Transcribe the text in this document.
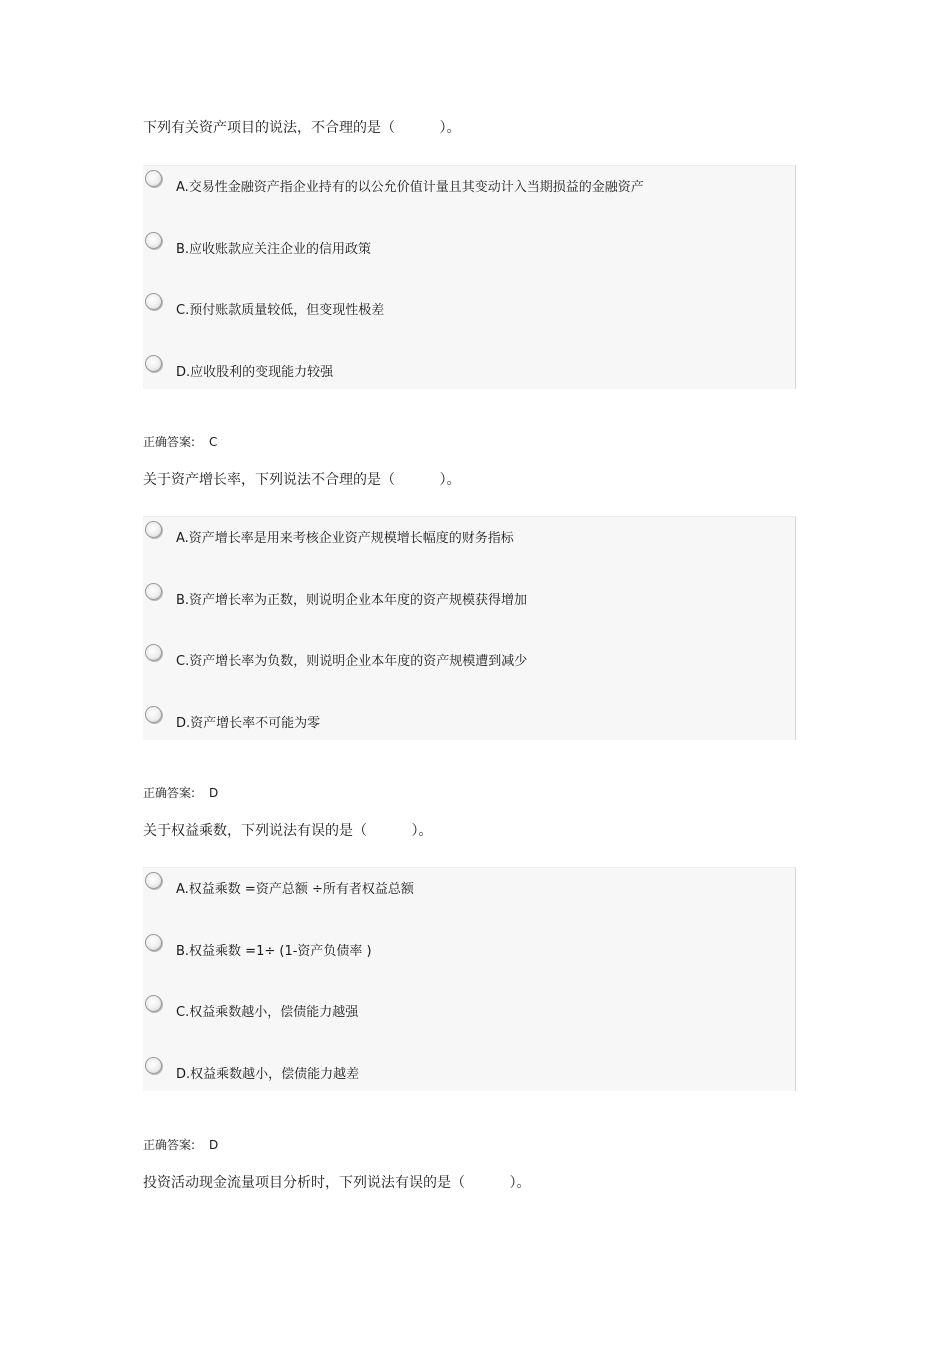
下列有关资产项目的说法，不合理的是（          ）。
A.交易性金融资产指企业持有的以公允价值计量且其变动计入当期损益的金融资产
B.应收账款应关注企业的信用政策
C.预付账款质量较低，但变现性极差
D.应收股利的变现能力较强
正确答案: C
关于资产增长率，下列说法不合理的是（          ）。
A.资产增长率是用来考核企业资产规模增长幅度的财务指标
B.资产增长率为正数，则说明企业本年度的资产规模获得增加
C.资产增长率为负数，则说明企业本年度的资产规模遭到减少
D.资产增长率不可能为零
正确答案: D
关于权益乘数，下列说法有误的是（          ）。
A.权益乘数 =资产总额 ÷所有者权益总额
B.权益乘数 =1÷ (1-资产负债率 )
C.权益乘数越小，偿债能力越强
D.权益乘数越小，偿债能力越差
正确答案: D
投资活动现金流量项目分析时，下列说法有误的是（          ）。
